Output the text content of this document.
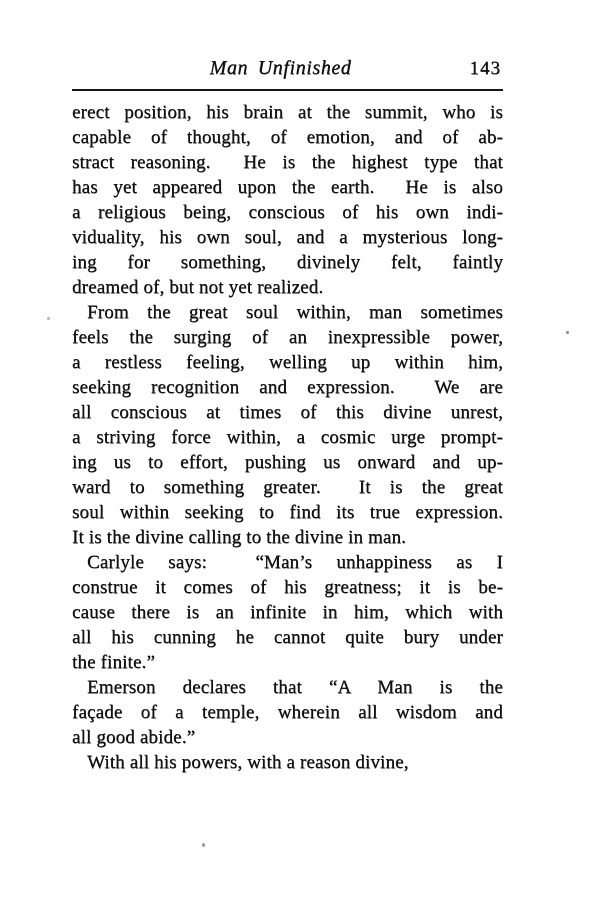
Man Unfinished	143
erect position, his brain at the summit, who is
capable of thought, of emotion, and of ab-
stract reasoning.  He is the highest type that
has yet appeared upon the earth.  He is also
a religious being, conscious of his own indi-
viduality, his own soul, and a mysterious long-
ing for something, divinely felt, faintly
dreamed of, but not yet realized.
From the great soul within, man sometimes
feels the surging of an inexpressible power,
a restless feeling, welling up within him,
seeking recognition and expression.  We are
all conscious at times of this divine unrest,
a striving force within, a cosmic urge prompt-
ing us to effort, pushing us onward and up-
ward to something greater.  It is the great
soul within seeking to find its true expression.
It is the divine calling to the divine in man.
Carlyle says:  “Man’s unhappiness as I
construe it comes of his greatness; it is be-
cause there is an infinite in him, which with
all his cunning he cannot quite bury under
the finite.”
Emerson declares that “A Man is the
façade of a temple, wherein all wisdom and
all good abide.”
With all his powers, with a reason divine,
